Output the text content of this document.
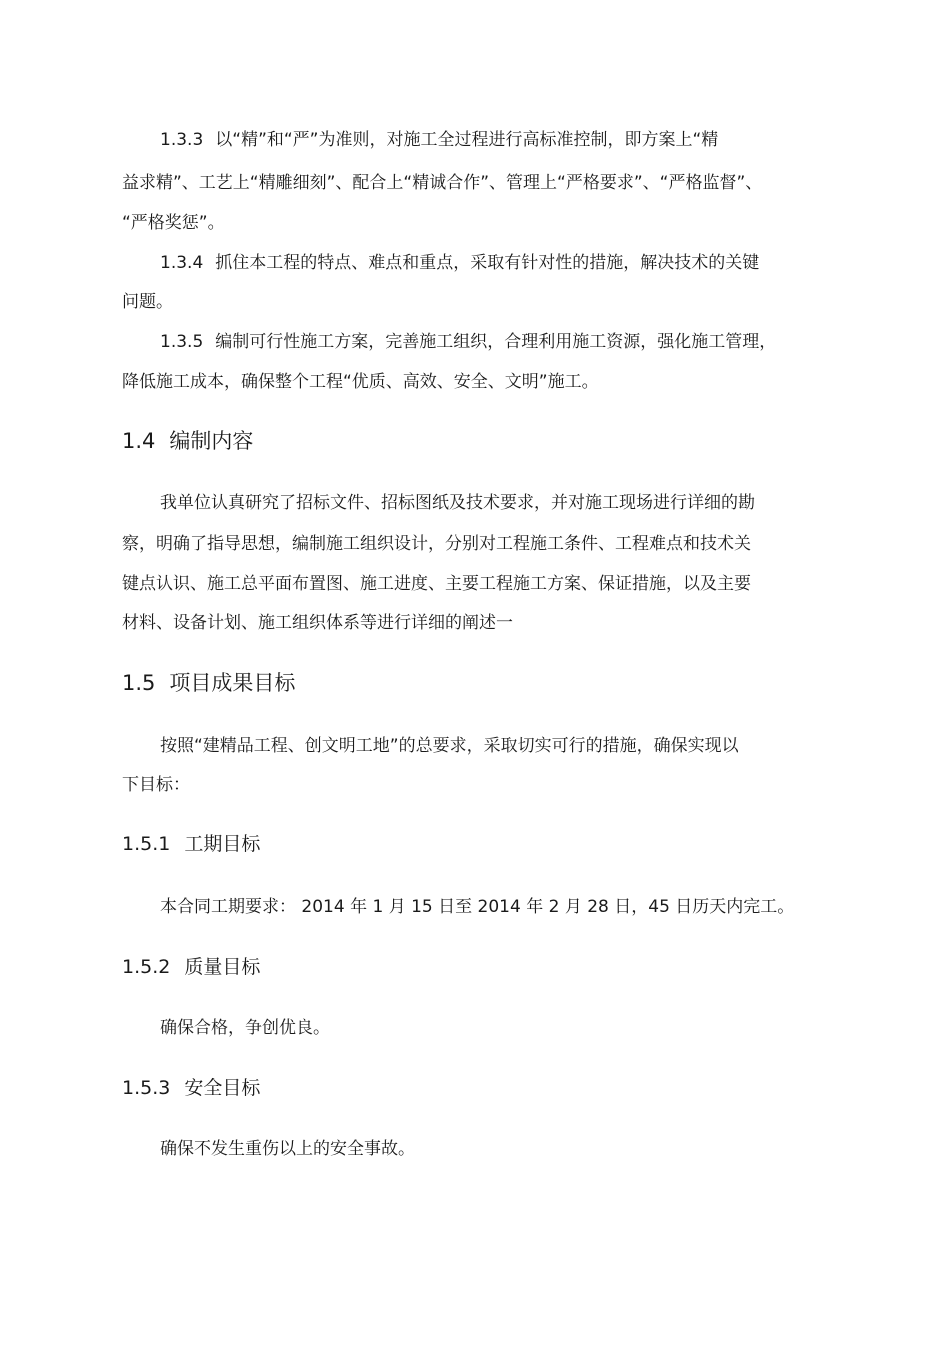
1.3.3 以“精”和“严”为准则，对施工全过程进行高标准控制，即方案上“精
益求精”、工艺上“精雕细刻”、配合上“精诚合作”、管理上“严格要求”、“严格监督”、
“严格奖惩”。
1.3.4 抓住本工程的特点、难点和重点，采取有针对性的措施，解决技术的关键
问题。
1.3.5 编制可行性施工方案，完善施工组织，合理利用施工资源，强化施工管理，
降低施工成本，确保整个工程“优质、高效、安全、文明”施工。
1.4 编制内容
我单位认真研究了招标文件、招标图纸及技术要求，并对施工现场进行详细的勘
察，明确了指导思想，编制施工组织设计，分别对工程施工条件、工程难点和技术关
键点认识、施工总平面布置图、施工进度、主要工程施工方案、保证措施，以及主要
材料、设备计划、施工组织体系等进行详细的阐述一
1.5 项目成果目标
按照“建精品工程、创文明工地”的总要求，采取切实可行的措施，确保实现以
下目标：
1.5.1 工期目标
本合同工期要求： 2014 年 1 月 15 日至 2014 年 2 月 28 日，45 日历天内完工。
1.5.2 质量目标
确保合格，争创优良。
1.5.3 安全目标
确保不发生重伤以上的安全事故。
